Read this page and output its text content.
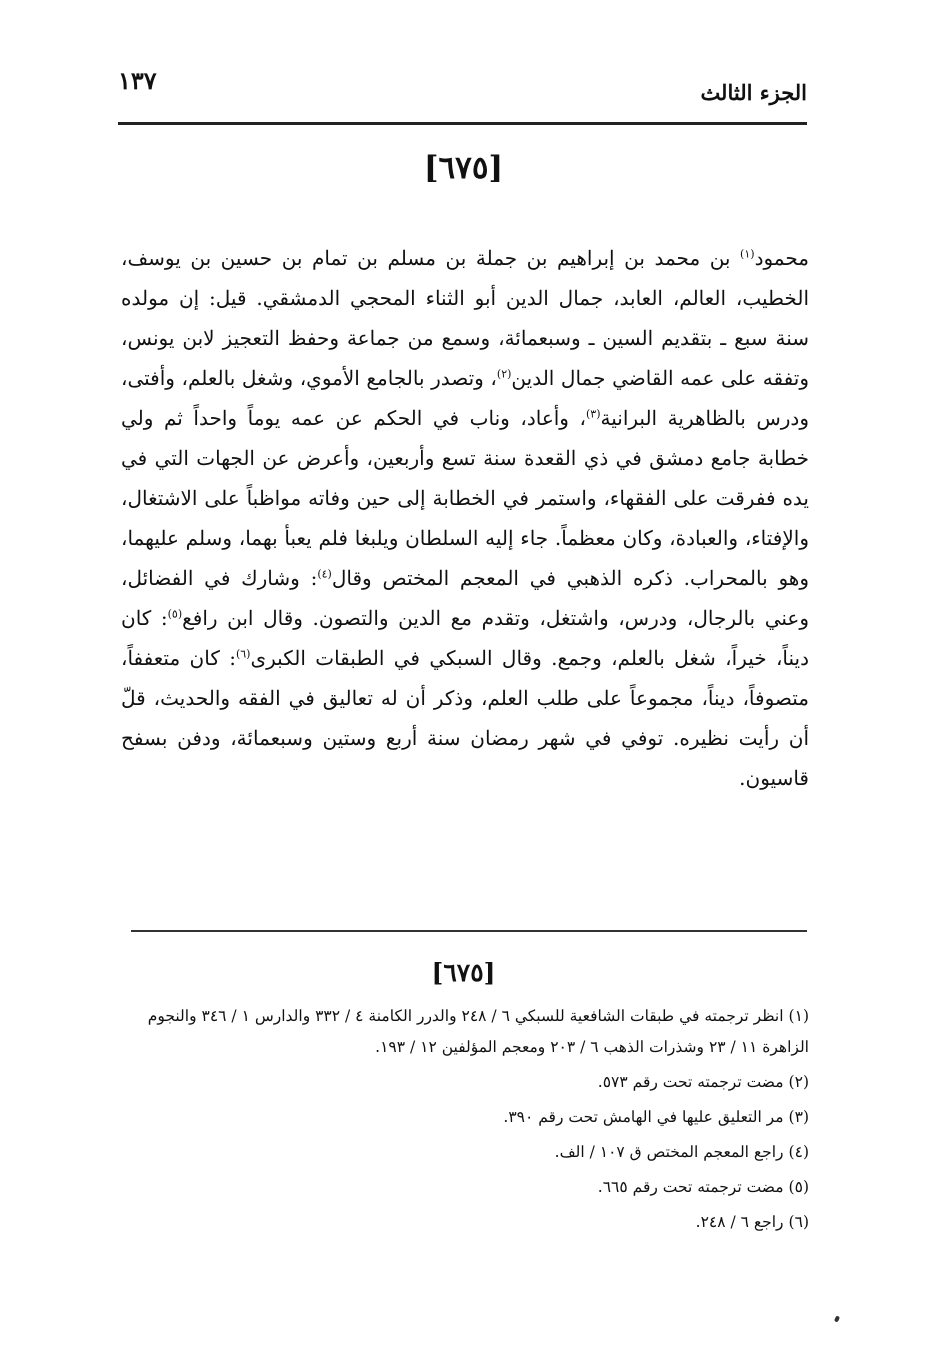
الجزء الثالث
١٣٧
[٦٧٥]
محمود$^{(١)}$ بن محمد بن إبراهيم بن جملة بن مسلم بن تمام بن حسين بن يوسف، الخطيب، العالم، العابد، جمال الدين أبو الثناء المحجي الدمشقي. قيل: إن مولده سنة سبع ـ بتقديم السين ـ وسبعمائة، وسمع من جماعة وحفظ التعجيز لابن يونس، وتفقه على عمه القاضي جمال الدين$^{(٢)}$، وتصدر بالجامع الأموي، وشغل بالعلم، وأفتى، ودرس بالظاهرية البرانية$^{(٣)}$، وأعاد، وناب في الحكم عن عمه يوماً واحداً ثم ولي خطابة جامع دمشق في ذي القعدة سنة تسع وأربعين، وأعرض عن الجهات التي في يده ففرقت على الفقهاء، واستمر في الخطابة إلى حين وفاته مواظباً على الاشتغال، والإفتاء، والعبادة، وكان معظماً. جاء إليه السلطان ويلبغا فلم يعبأ بهما، وسلم عليهما، وهو بالمحراب. ذكره الذهبي في المعجم المختص وقال$^{(٤)}$: وشارك في الفضائل، وعني بالرجال، ودرس، واشتغل، وتقدم مع الدين والتصون. وقال ابن رافع$^{(٥)}$: كان ديناً، خيراً، شغل بالعلم، وجمع. وقال السبكي في الطبقات الكبرى$^{(٦)}$: كان متعففاً، متصوفاً، ديناً، مجموعاً على طلب العلم، وذكر أن له تعاليق في الفقه والحديث، قلّ أن رأيت نظيره. توفي في شهر رمضان سنة أربع وستين وسبعمائة، ودفن بسفح قاسيون.
[٦٧٥]
(١)انظر ترجمته في طبقات الشافعية للسبكي ٦ / ٢٤٨ والدرر الكامنة ٤ / ٣٣٢ والدارس ١ / ٣٤٦ والنجوم الزاهرة ١١ / ٢٣ وشذرات الذهب ٦ / ٢٠٣ ومعجم المؤلفين ١٢ / ١٩٣.
(٢)مضت ترجمته تحت رقم ٥٧٣.
(٣)مر التعليق عليها في الهامش تحت رقم ٣٩٠.
(٤)راجع المعجم المختص ق ١٠٧ / الف.
(٥)مضت ترجمته تحت رقم ٦٦٥.
(٦)راجع ٦ / ٢٤٨.
